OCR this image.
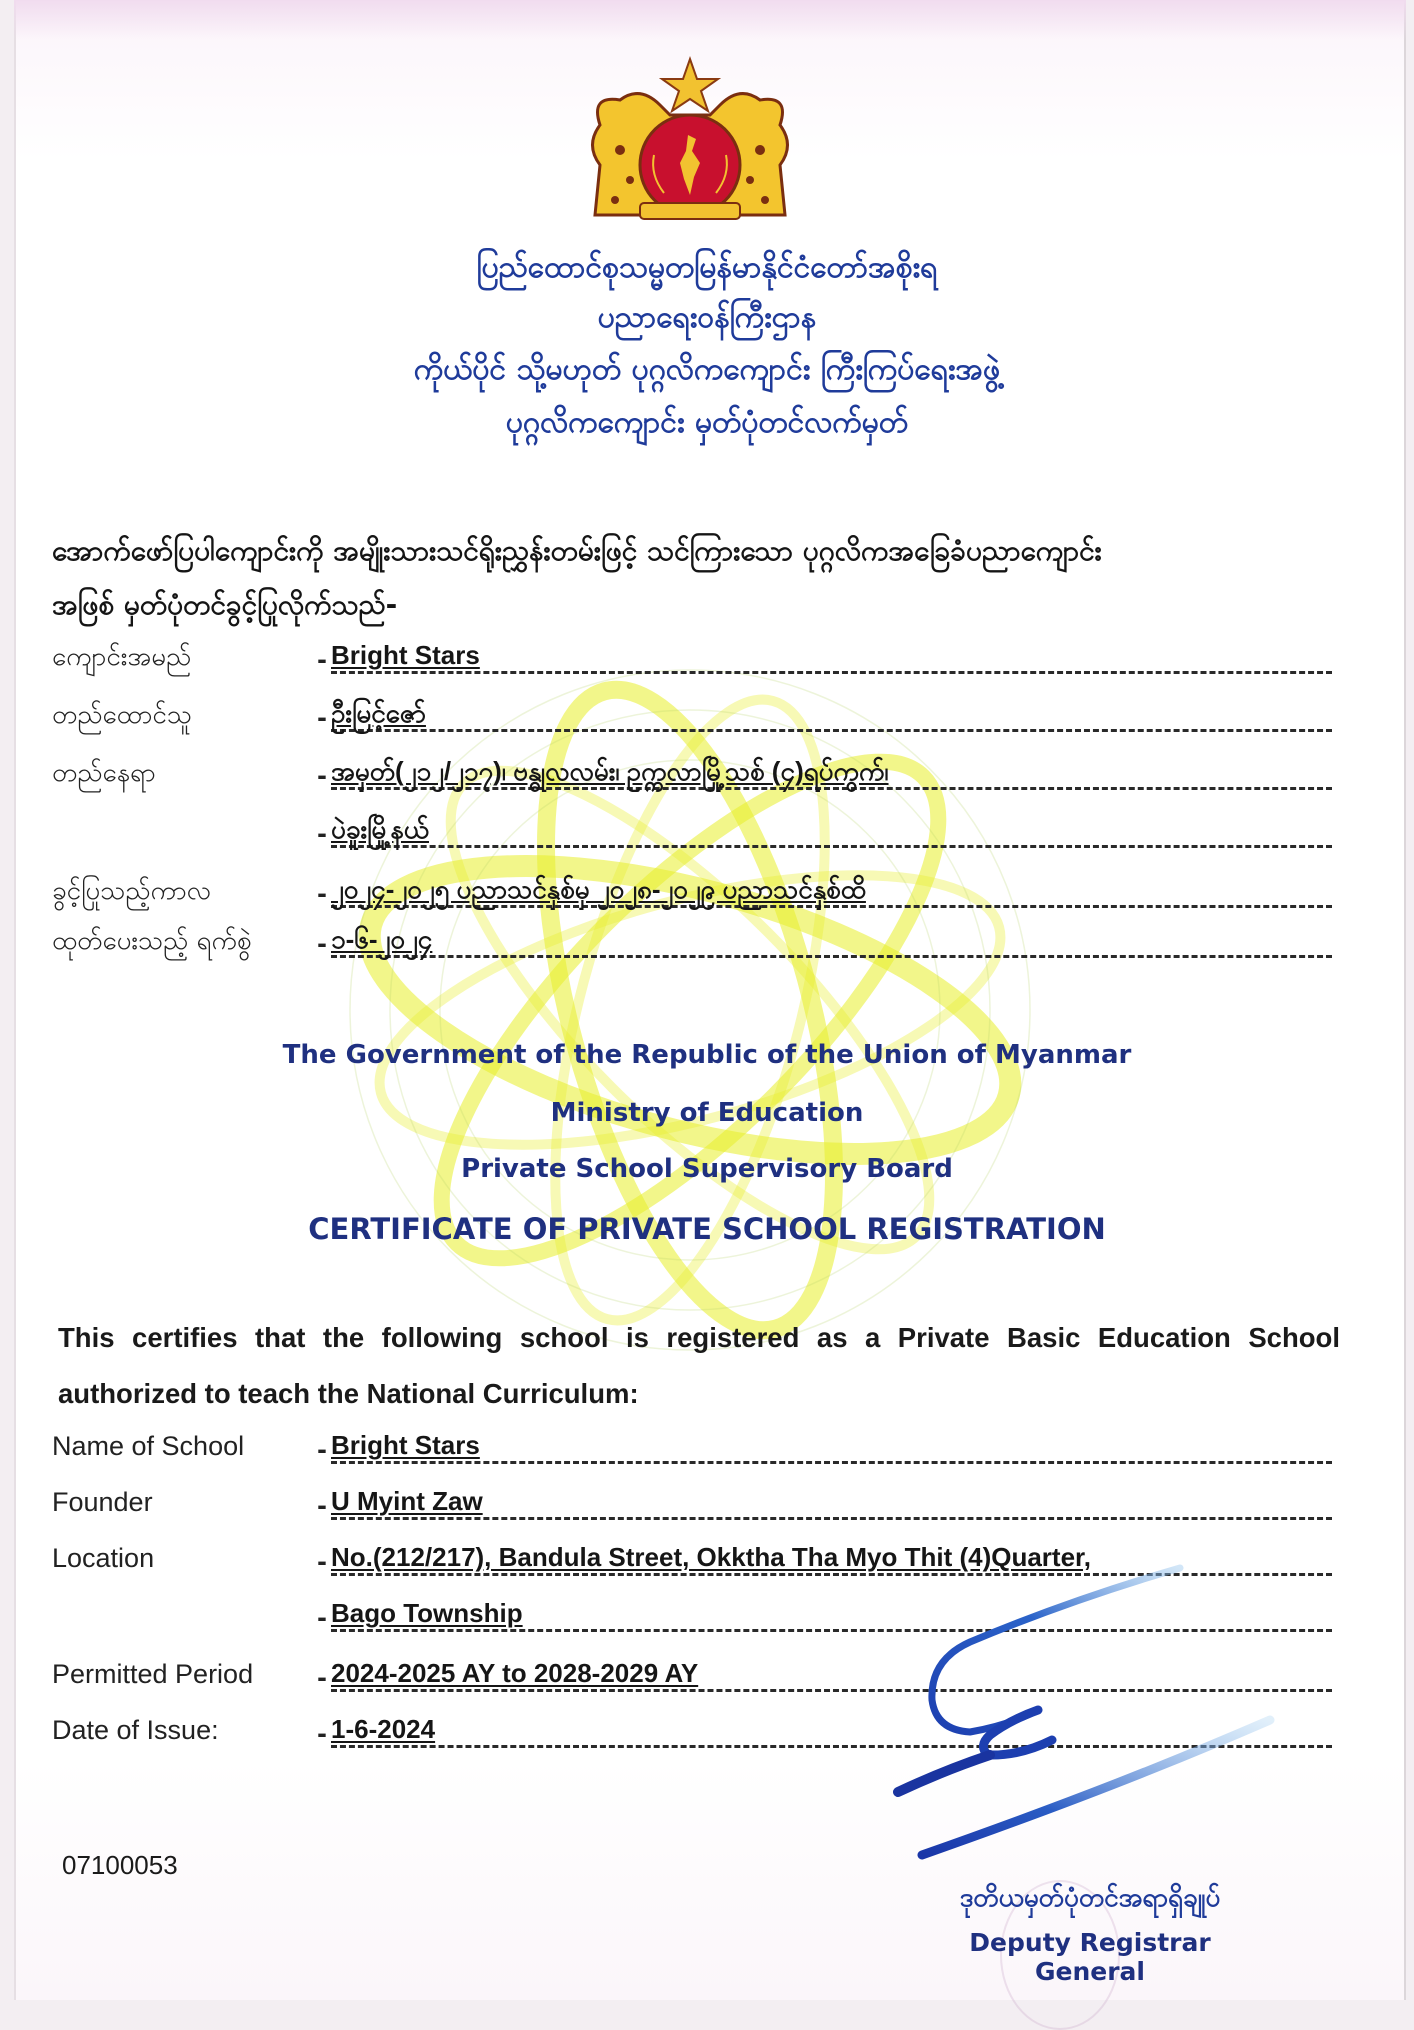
ပြည်ထောင်စုသမ္မတမြန်မာနိုင်ငံတော်အစိုးရ
ပညာရေးဝန်ကြီးဌာန
ကိုယ်ပိုင် သို့မဟုတ် ပုဂ္ဂလိကကျောင်း ကြီးကြပ်ရေးအဖွဲ့
ပုဂ္ဂလိကကျောင်း မှတ်ပုံတင်လက်မှတ်
အောက်ဖော်ပြပါကျောင်းကို အမျိုးသားသင်ရိုးညွှန်းတမ်းဖြင့် သင်ကြားသော ပုဂ္ဂလိကအခြေခံပညာကျောင်း
အဖြစ် မှတ်ပုံတင်ခွင့်ပြုလိုက်သည်-
ကျောင်းအမည်	- Bright Stars
တည်ထောင်သူ	- ဦးမြင့်ဇော်
တည်နေရာ	- အမှတ်(၂၁၂/၂၁၇)၊ ဗန္ဓုလလမ်း၊ ဥက္ကလာမြို့သစ် (၄)ရပ်ကွက်၊
- ပဲခူးမြို့နယ်
ခွင့်ပြုသည့်ကာလ	- ၂၀၂၄-၂၀၂၅ ပညာသင်နှစ်မှ ၂၀၂၈-၂၀၂၉ ပညာသင်နှစ်ထိ
ထုတ်ပေးသည့် ရက်စွဲ	- ၁-၆-၂၀၂၄
The Government of the Republic of the Union of Myanmar
Ministry of Education
Private School Supervisory Board
CERTIFICATE OF PRIVATE SCHOOL REGISTRATION
This certifies that the following school is registered as a Private Basic Education School authorized to teach the National Curriculum:
Name of School	- Bright Stars
Founder	- U Myint Zaw
Location	- No.(212/217), Bandula Street, Okktha Tha Myo Thit (4)Quarter,
- Bago Township
Permitted Period	- 2024-2025 AY to 2028-2029 AY
Date of Issue:	- 1-6-2024
07100053
ဒုတိယမှတ်ပုံတင်အရာရှိချုပ်
Deputy Registrar General
